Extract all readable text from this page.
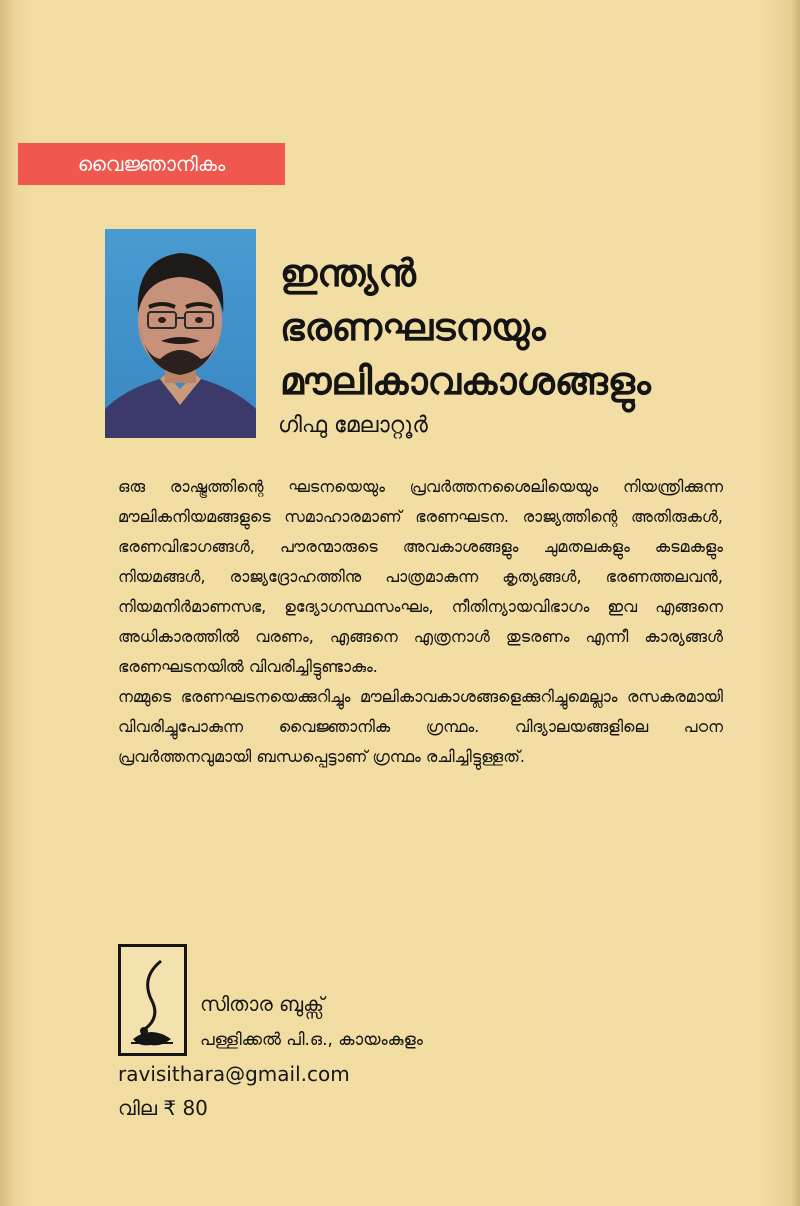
വൈജ്ഞാനികം
ഇന്ത്യൻ
ഭരണഘടനയും
മൗലികാവകാശങ്ങളും
ഗിഫു മേലാറ്റൂർ

ഒരു രാഷ്ട്രത്തിന്റെ ഘടനയെയും പ്രവർത്തനശൈലിയെയും നിയന്ത്രിക്കുന്ന മൗലികനിയമങ്ങളുടെ സമാഹാരമാണ് ഭരണഘടന. രാജ്യത്തിന്റെ അതിരുകൾ, ഭരണവിഭാഗങ്ങൾ, പൗരന്മാരുടെ അവകാശങ്ങളും ചുമതലകളും കടമകളും നിയമങ്ങൾ, രാജ്യദ്രോഹത്തിനു പാത്രമാകുന്ന കൃത്യങ്ങൾ, ഭരണത്തലവൻ, നിയമനിർമാണസഭ, ഉദ്യോഗസ്ഥസംഘം, നീതിന്യായവിഭാഗം ഇവ എങ്ങനെ അധികാരത്തിൽ വരണം, എങ്ങനെ എത്രനാൾ തുടരണം എന്നീ കാര്യങ്ങൾ ഭരണഘടനയിൽ വിവരിച്ചിട്ടുണ്ടാകും.

നമ്മുടെ ഭരണഘടനയെക്കുറിച്ചും മൗലികാവകാശങ്ങളെക്കുറിച്ചുമെല്ലാം രസകരമായി വിവരിച്ചുപോകുന്ന വൈജ്ഞാനിക ഗ്രന്ഥം. വിദ്യാലയങ്ങളിലെ പഠന പ്രവർത്തനവുമായി ബന്ധപ്പെട്ടാണ് ഗ്രന്ഥം രചിച്ചിട്ടുള്ളത്.

സിതാര ബുക്സ്
പള്ളിക്കൽ പി.ഒ., കായംകുളം
ravisithara@gmail.com
വില ₹ 80
